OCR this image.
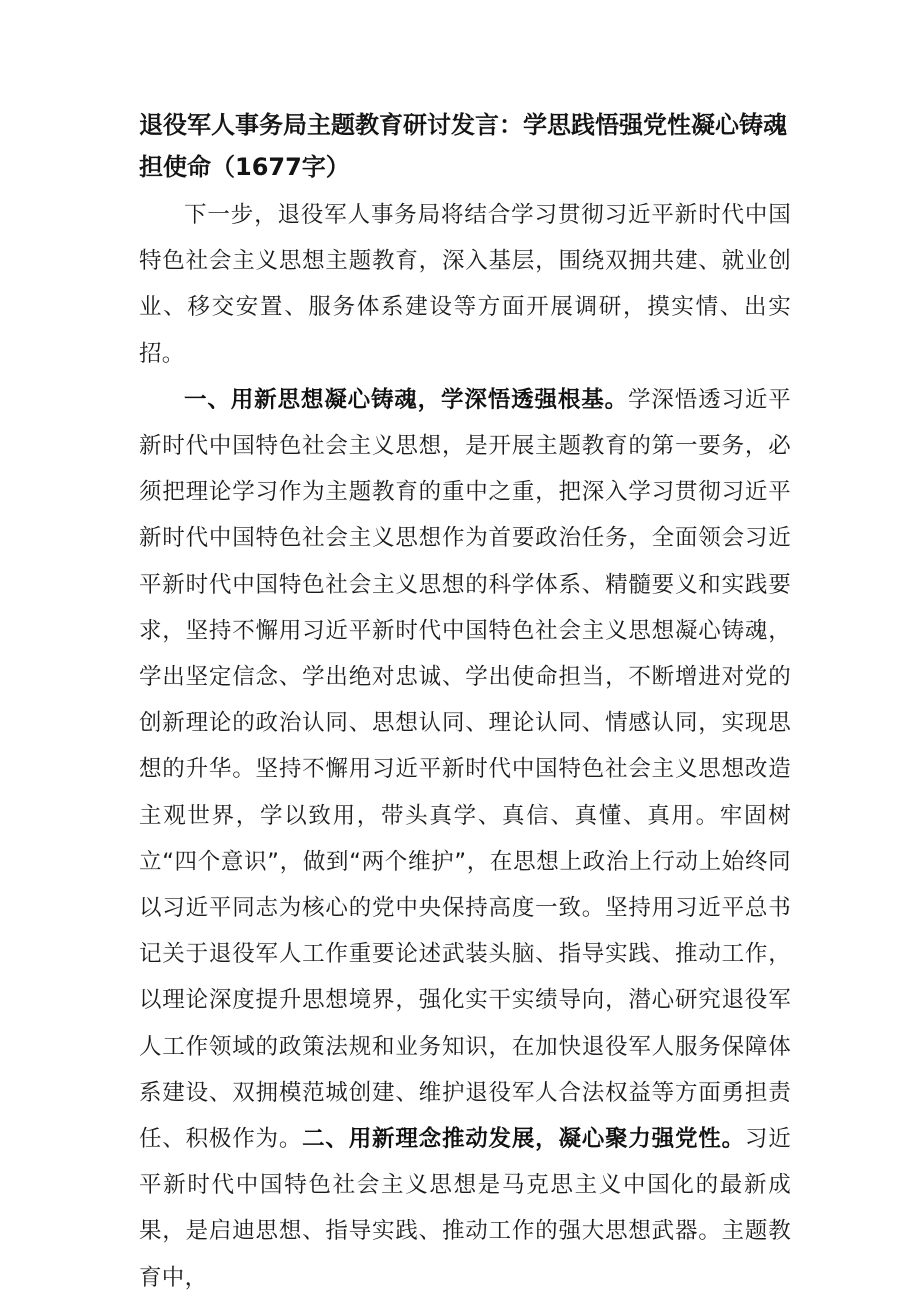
退役军人事务局主题教育研讨发言：学思践悟强党性凝心铸魂担使命（1677字）

下一步，退役军人事务局将结合学习贯彻习近平新时代中国特色社会主义思想主题教育，深入基层，围绕双拥共建、就业创业、移交安置、服务体系建设等方面开展调研，摸实情、出实招。

一、用新思想凝心铸魂，学深悟透强根基。学深悟透习近平新时代中国特色社会主义思想，是开展主题教育的第一要务，必须把理论学习作为主题教育的重中之重，把深入学习贯彻习近平新时代中国特色社会主义思想作为首要政治任务，全面领会习近平新时代中国特色社会主义思想的科学体系、精髓要义和实践要求，坚持不懈用习近平新时代中国特色社会主义思想凝心铸魂，学出坚定信念、学出绝对忠诚、学出使命担当，不断增进对党的创新理论的政治认同、思想认同、理论认同、情感认同，实现思想的升华。坚持不懈用习近平新时代中国特色社会主义思想改造主观世界，学以致用，带头真学、真信、真懂、真用。牢固树立“四个意识”，做到“两个维护”，在思想上政治上行动上始终同以习近平同志为核心的党中央保持高度一致。坚持用习近平总书记关于退役军人工作重要论述武装头脑、指导实践、推动工作，以理论深度提升思想境界，强化实干实绩导向，潜心研究退役军人工作领域的政策法规和业务知识，在加快退役军人服务保障体系建设、双拥模范城创建、维护退役军人合法权益等方面勇担责任、积极作为。二、用新理念推动发展，凝心聚力强党性。习近平新时代中国特色社会主义思想是马克思主义中国化的最新成果，是启迪思想、指导实践、推动工作的强大思想武器。主题教育中，
